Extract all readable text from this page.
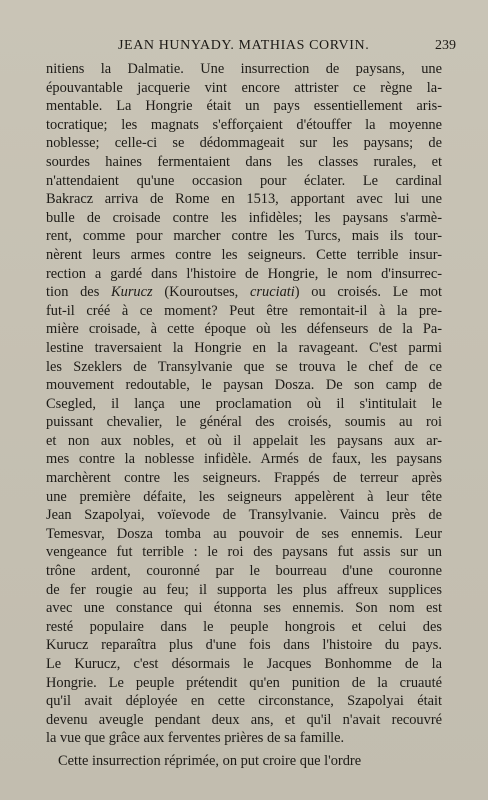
JEAN HUNYADY. MATHIAS CORVIN.	239
nitiens la Dalmatie. Une insurrection de paysans, une
épouvantable jacquerie vint encore attrister ce règne la-
mentable. La Hongrie était un pays essentiellement aris-
tocratique; les magnats s'efforçaient d'étouffer la moyenne
noblesse; celle-ci se dédommageait sur les paysans; de
sourdes haines fermentaient dans les classes rurales, et
n'attendaient qu'une occasion pour éclater. Le cardinal
Bakracz arriva de Rome en 1513, apportant avec lui une
bulle de croisade contre les infidèles; les paysans s'armè-
rent, comme pour marcher contre les Turcs, mais ils tour-
nèrent leurs armes contre les seigneurs. Cette terrible insur-
rection a gardé dans l'histoire de Hongrie, le nom d'insurrec-
tion des Kurucz (Kouroutses, cruciati) ou croisés. Le mot
fut-il créé à ce moment? Peut être remontait-il à la pre-
mière croisade, à cette époque où les défenseurs de la Pa-
lestine traversaient la Hongrie en la ravageant. C'est parmi
les Szeklers de Transylvanie que se trouva le chef de ce
mouvement redoutable, le paysan Dosza. De son camp de
Csegled, il lança une proclamation où il s'intitulait le
puissant chevalier, le général des croisés, soumis au roi
et non aux nobles, et où il appelait les paysans aux ar-
mes contre la noblesse infidèle. Armés de faux, les paysans
marchèrent contre les seigneurs. Frappés de terreur après
une première défaite, les seigneurs appelèrent à leur tête
Jean Szapolyai, voïevode de Transylvanie. Vaincu près de
Temesvar, Dosza tomba au pouvoir de ses ennemis. Leur
vengeance fut terrible : le roi des paysans fut assis sur un
trône ardent, couronné par le bourreau d'une couronne
de fer rougie au feu; il supporta les plus affreux supplices
avec une constance qui étonna ses ennemis. Son nom est
resté populaire dans le peuple hongrois et celui des
Kurucz reparaîtra plus d'une fois dans l'histoire du pays.
Le Kurucz, c'est désormais le Jacques Bonhomme de la
Hongrie. Le peuple prétendit qu'en punition de la cruauté
qu'il avait déployée en cette circonstance, Szapolyai était
devenu aveugle pendant deux ans, et qu'il n'avait recouvré
la vue que grâce aux ferventes prières de sa famille.
Cette insurrection réprimée, on put croire que l'ordre
